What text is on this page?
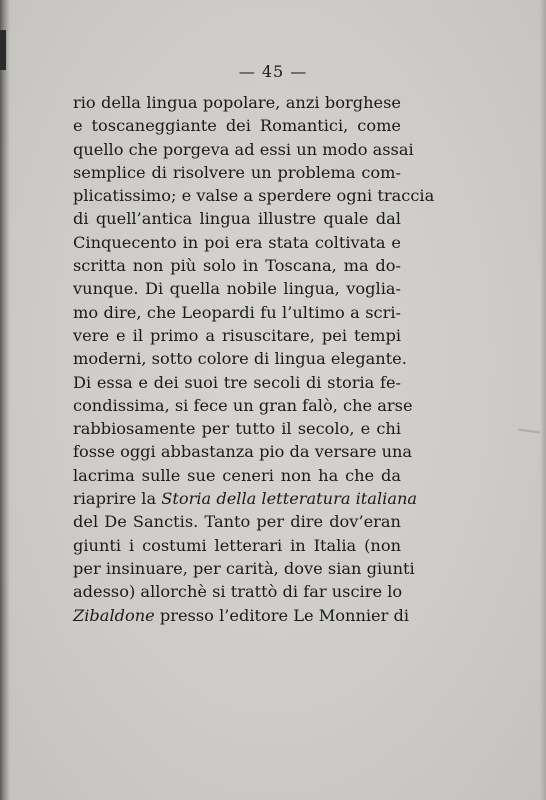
— 45 —
rio della lingua popolare, anzi borghese
e toscaneggiante dei Romantici, come
quello che porgeva ad essi un modo assai
semplice di risolvere un problema com-
plicatissimo; e valse a sperdere ogni traccia
di quell’antica lingua illustre quale dal
Cinquecento in poi era stata coltivata e
scritta non più solo in Toscana, ma do-
vunque. Di quella nobile lingua, voglia-
mo dire, che Leopardi fu l’ultimo a scri-
vere e il primo a risuscitare, pei tempi
moderni, sotto colore di lingua elegante.
Di essa e dei suoi tre secoli di storia fe-
condissima, si fece un gran falò, che arse
rabbiosamente per tutto il secolo, e chi
fosse oggi abbastanza pio da versare una
lacrima sulle sue ceneri non ha che da
riaprire la Storia della letteratura italiana
del De Sanctis. Tanto per dire dov’eran
giunti i costumi letterari in Italia (non
per insinuare, per carità, dove sian giunti
adesso) allorchè si trattò di far uscire lo
Zibaldone presso l’editore Le Monnier di
